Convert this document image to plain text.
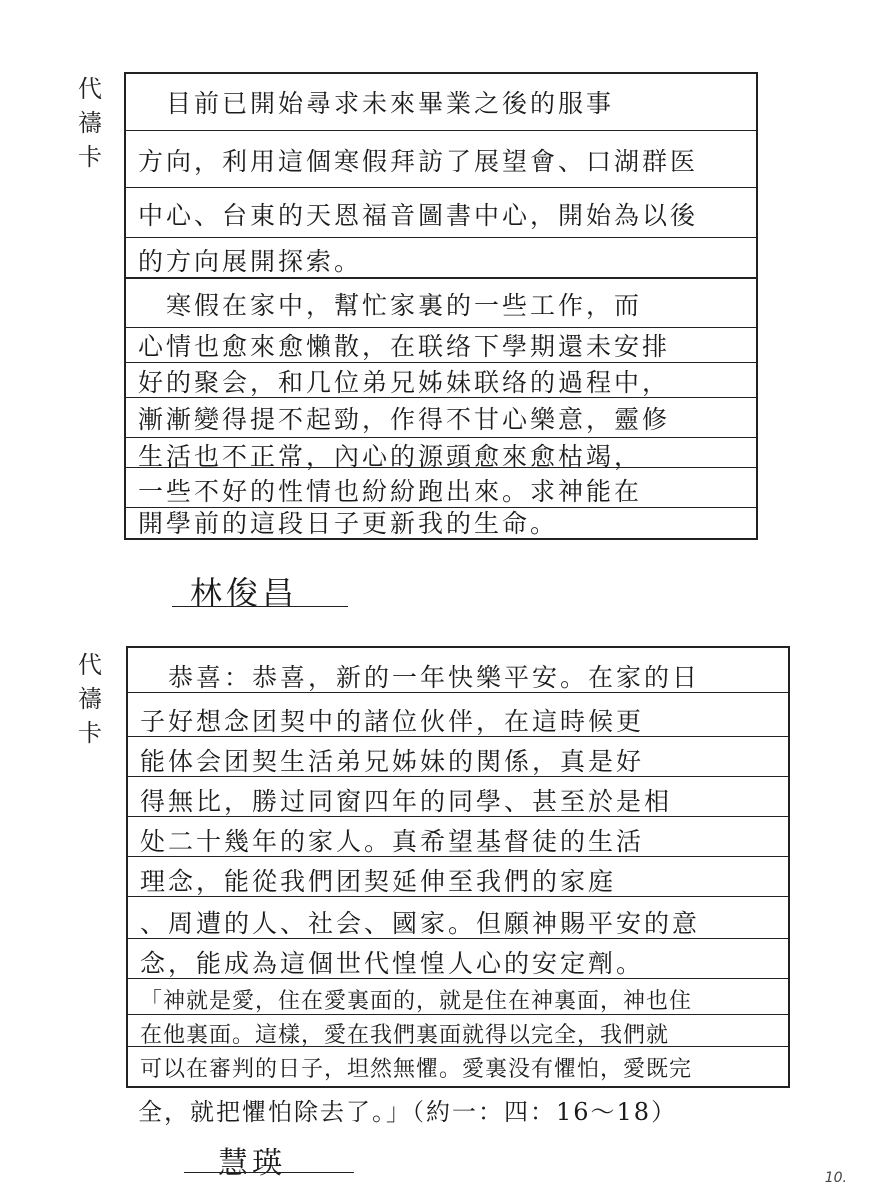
代禱卡
　目前已開始尋求未來畢業之後的服事
方向，利用這個寒假拜訪了展望會、口湖群医
中心、台東的天恩福音圖書中心，開始為以後
的方向展開探索。
　寒假在家中，幫忙家裏的一些工作，而
心情也愈來愈懶散，在联络下學期還未安排
好的聚会，和几位弟兄姊妹联络的過程中，
漸漸變得提不起勁，作得不甘心樂意，靈修
生活也不正常，內心的源頭愈來愈枯竭，
一些不好的性情也紛紛跑出來。求神能在
開學前的這段日子更新我的生命。
林俊昌
代禱卡
　恭喜：恭喜，新的一年快樂平安。在家的日
子好想念团契中的諸位伙伴，在這時候更
能体会团契生活弟兄姊妹的関係，真是好
得無比，勝过同窗四年的同學、甚至於是相
处二十幾年的家人。真希望基督徒的生活
理念，能從我們团契延伸至我們的家庭
、周遭的人、社会、國家。但願神賜平安的意
念，能成為這個世代惶惶人心的安定劑。
「神就是愛，住在愛裏面的，就是住在神裏面，神也住
在他裏面。這樣，愛在我們裏面就得以完全，我們就
可以在審判的日子，坦然無懼。愛裏没有懼怕，愛既完
全，就把懼怕除去了。」（約一：四：16～18）
慧瑛	10.
